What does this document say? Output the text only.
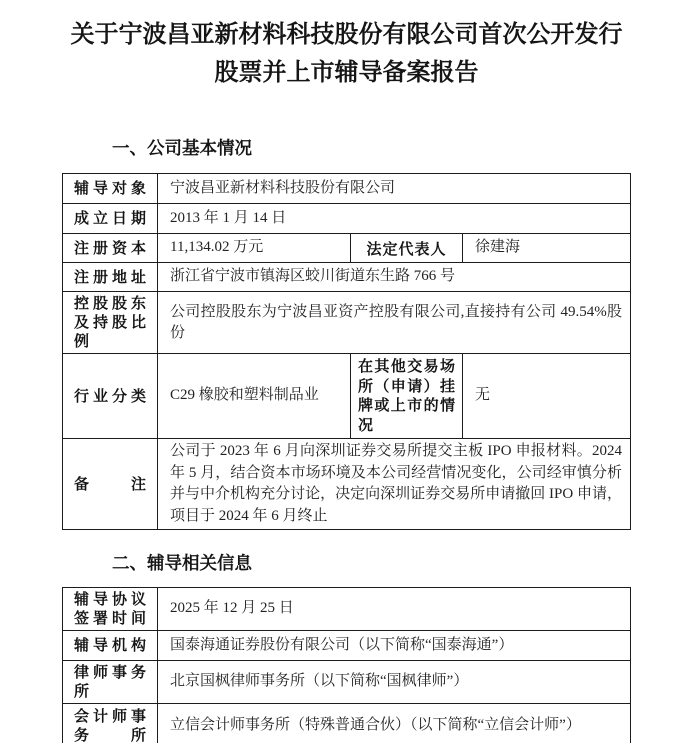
关于宁波昌亚新材料科技股份有限公司首次公开发行股票并上市辅导备案报告
一、公司基本情况
辅导对象	宁波昌亚新材料科技股份有限公司		
成立日期	2013 年 1 月 14 日		
注册资本	11,134.02 万元	法定代表人	徐建海
注册地址	浙江省宁波市镇海区蛟川街道东生路 766 号		
控股股东及持股比例	公司控股股东为宁波昌亚资产控股有限公司,直接持有公司 49.54%股份		
行业分类	C29 橡胶和塑料制品业	在其他交易场所（申请）挂牌或上市的情况	无
备注	公司于 2023 年 6 月向深圳证券交易所提交主板 IPO 申报材料。2024 年 5 月，结合资本市场环境及本公司经营情况变化，公司经审慎分析并与中介机构充分讨论，决定向深圳证券交易所申请撤回 IPO 申请，项目于 2024 年 6 月终止		
二、辅导相关信息
辅导协议签署时间	2025 年 12 月 25 日
辅导机构	国泰海通证券股份有限公司（以下简称“国泰海通”）
律师事务所	北京国枫律师事务所（以下简称“国枫律师”）
会计师事务所	立信会计师事务所（特殊普通合伙）（以下简称“立信会计师”）
